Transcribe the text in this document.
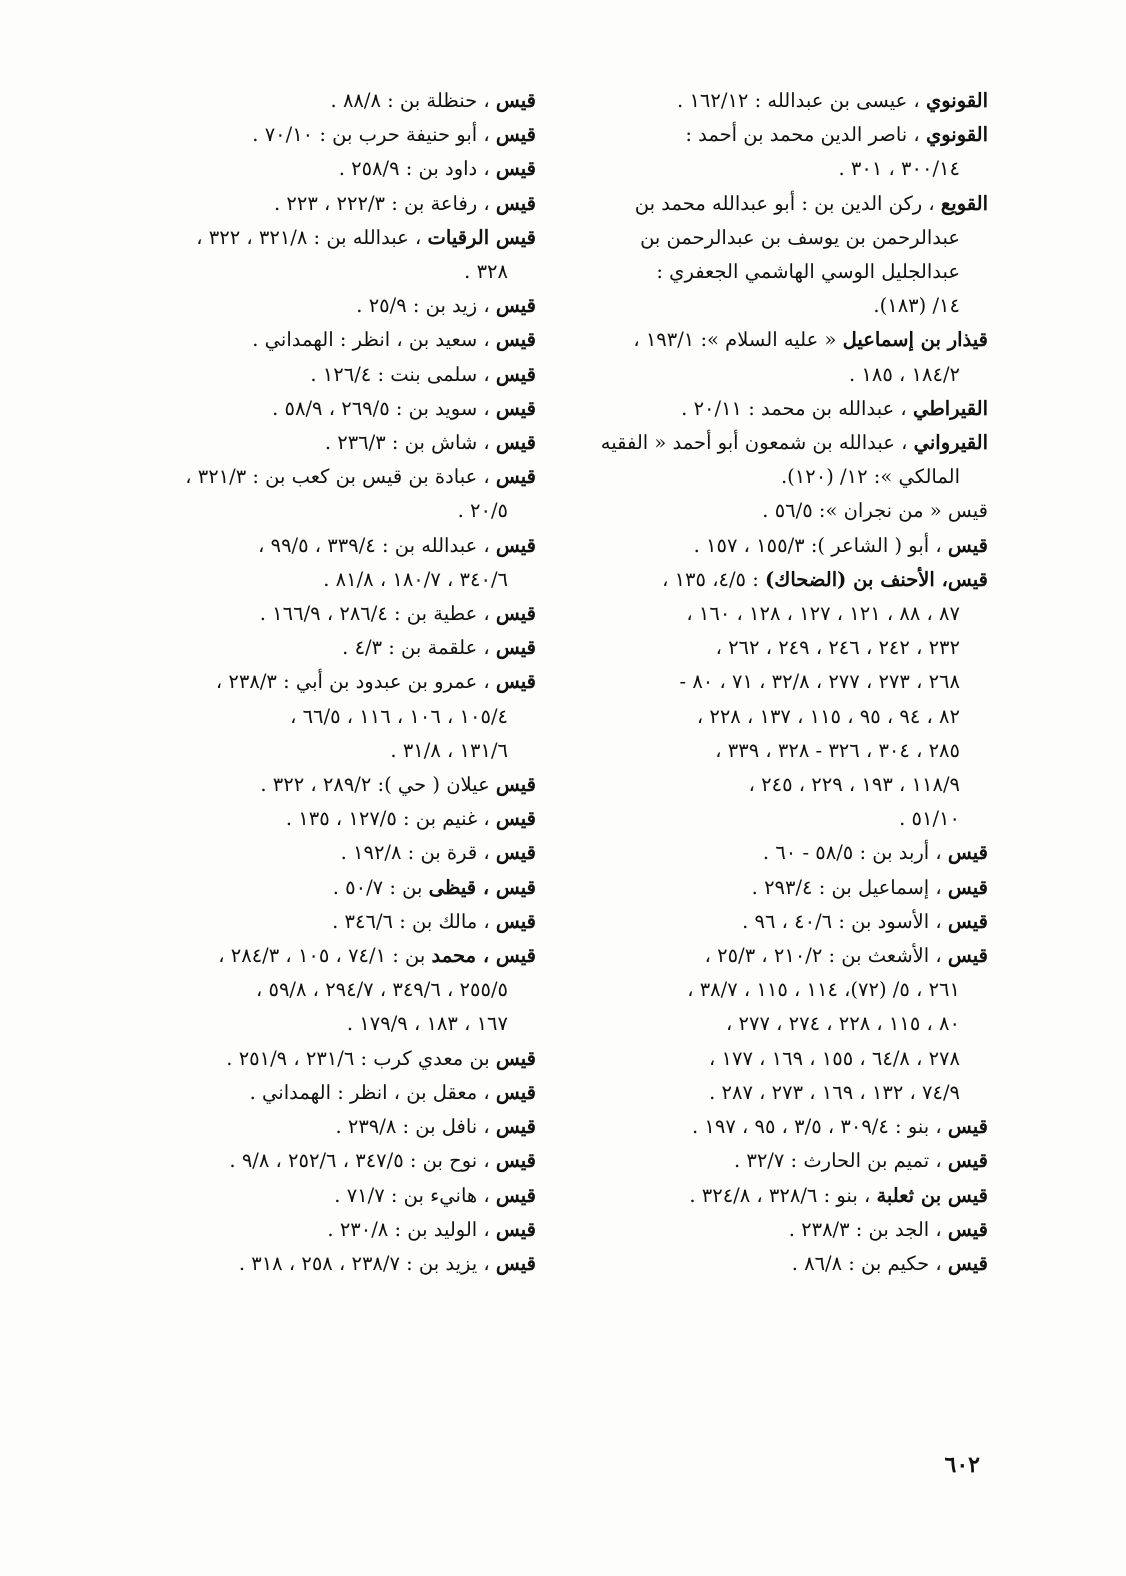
القونوي ، عيسى بن عبدالله : ١٦٢/١٢ .
القونوي ، ناصر الدين محمد بن أحمد :
٣٠٠/١٤ ، ٣٠١ .
القويع ، ركن الدين بن : أبو عبدالله محمد بن
عبدالرحمن بن يوسف بن عبدالرحمن بن
عبدالجليل الوسي الهاشمي الجعفري :
١٤/ (١٨٣).
قيذار بن إسماعيل « عليه السلام »: ١٩٣/١ ،
١٨٤/٢ ، ١٨٥ .
القيراطي ، عبدالله بن محمد : ٢٠/١١ .
القيرواني ، عبدالله بن شمعون أبو أحمد « الفقيه
المالكي »: ١٢/ (١٢٠).
قيس « من نجران »: ٥٦/٥ .
قيس ، أبو ( الشاعر ): ١٥٥/٣ ، ١٥٧ .
قيس، الأحنف بن (الضحاك) : ٤/٥، ١٣٥ ،
٨٧ ، ٨٨ ، ١٢١ ، ١٢٧ ، ١٢٨ ، ١٦٠ ،
٢٣٢ ، ٢٤٢ ، ٢٤٦ ، ٢٤٩ ، ٢٦٢ ،
٢٦٨ ، ٢٧٣ ، ٢٧٧ ، ٣٢/٨ ، ٧١ ، ٨٠ -
٨٢ ، ٩٤ ، ٩٥ ، ١١٥ ، ١٣٧ ، ٢٢٨ ،
٢٨٥ ، ٣٠٤ ، ٣٢٦ - ٣٢٨ ، ٣٣٩ ،
١١٨/٩ ، ١٩٣ ، ٢٢٩ ، ٢٤٥ ،
٥١/١٠ .
قيس ، أربد بن : ٥٨/٥ - ٦٠ .
قيس ، إسماعيل بن : ٢٩٣/٤ .
قيس ، الأسود بن : ٤٠/٦ ، ٩٦ .
قيس ، الأشعث بن : ٢١٠/٢ ، ٢٥/٣ ،
٢٦١ ، ٥/ (٧٢)، ١١٤ ، ١١٥ ، ٣٨/٧ ،
٨٠ ، ١١٥ ، ٢٢٨ ، ٢٧٤ ، ٢٧٧ ،
٢٧٨ ، ٦٤/٨ ، ١٥٥ ، ١٦٩ ، ١٧٧ ،
٧٤/٩ ، ١٣٢ ، ١٦٩ ، ٢٧٣ ، ٢٨٧ .
قيس ، بنو : ٣٠٩/٤ ، ٣/٥ ، ٩٥ ، ١٩٧ .
قيس ، تميم بن الحارث : ٣٢/٧ .
قيس بن ثعلبة ، بنو : ٣٢٨/٦ ، ٣٢٤/٨ .
قيس ، الجد بن : ٢٣٨/٣ .
قيس ، حكيم بن : ٨٦/٨ .
قيس ، حنظلة بن : ٨٨/٨ .
قيس ، أبو حنيفة حرب بن : ٧٠/١٠ .
قيس ، داود بن : ٢٥٨/٩ .
قيس ، رفاعة بن : ٢٢٢/٣ ، ٢٢٣ .
قيس الرقيات ، عبدالله بن : ٣٢١/٨ ، ٣٢٢ ،
٣٢٨ .
قيس ، زيد بن : ٢٥/٩ .
قيس ، سعيد بن ، انظر : الهمداني .
قيس ، سلمى بنت : ١٢٦/٤ .
قيس ، سويد بن : ٢٦٩/٥ ، ٥٨/٩ .
قيس ، شاش بن : ٢٣٦/٣ .
قيس ، عبادة بن قيس بن كعب بن : ٣٢١/٣ ،
٢٠/٥ .
قيس ، عبدالله بن : ٣٣٩/٤ ، ٩٩/٥ ،
٣٤٠/٦ ، ١٨٠/٧ ، ٨١/٨ .
قيس ، عطية بن : ٢٨٦/٤ ، ١٦٦/٩ .
قيس ، علقمة بن : ٤/٣ .
قيس ، عمرو بن عبدود بن أبي : ٢٣٨/٣ ،
١٠٥/٤ ، ١٠٦ ، ١١٦ ، ٦٦/٥ ،
١٣١/٦ ، ٣١/٨ .
قيس عيلان ( حي ): ٢٨٩/٢ ، ٣٢٢ .
قيس ، غنيم بن : ١٢٧/٥ ، ١٣٥ .
قيس ، قرة بن : ١٩٢/٨ .
قيس ، قيظى بن : ٥٠/٧ .
قيس ، مالك بن : ٣٤٦/٦ .
قيس ، محمد بن : ٧٤/١ ، ١٠٥ ، ٢٨٤/٣ ،
٢٥٥/٥ ، ٣٤٩/٦ ، ٢٩٤/٧ ، ٥٩/٨ ،
١٦٧ ، ١٨٣ ، ١٧٩/٩ .
قيس بن معدي كرب : ٢٣١/٦ ، ٢٥١/٩ .
قيس ، معقل بن ، انظر : الهمداني .
قيس ، نافل بن : ٢٣٩/٨ .
قيس ، نوح بن : ٣٤٧/٥ ، ٢٥٢/٦ ، ٩/٨ .
قيس ، هانيء بن : ٧١/٧ .
قيس ، الوليد بن : ٢٣٠/٨ .
قيس ، يزيد بن : ٢٣٨/٧ ، ٢٥٨ ، ٣١٨ .
٦٠٢
